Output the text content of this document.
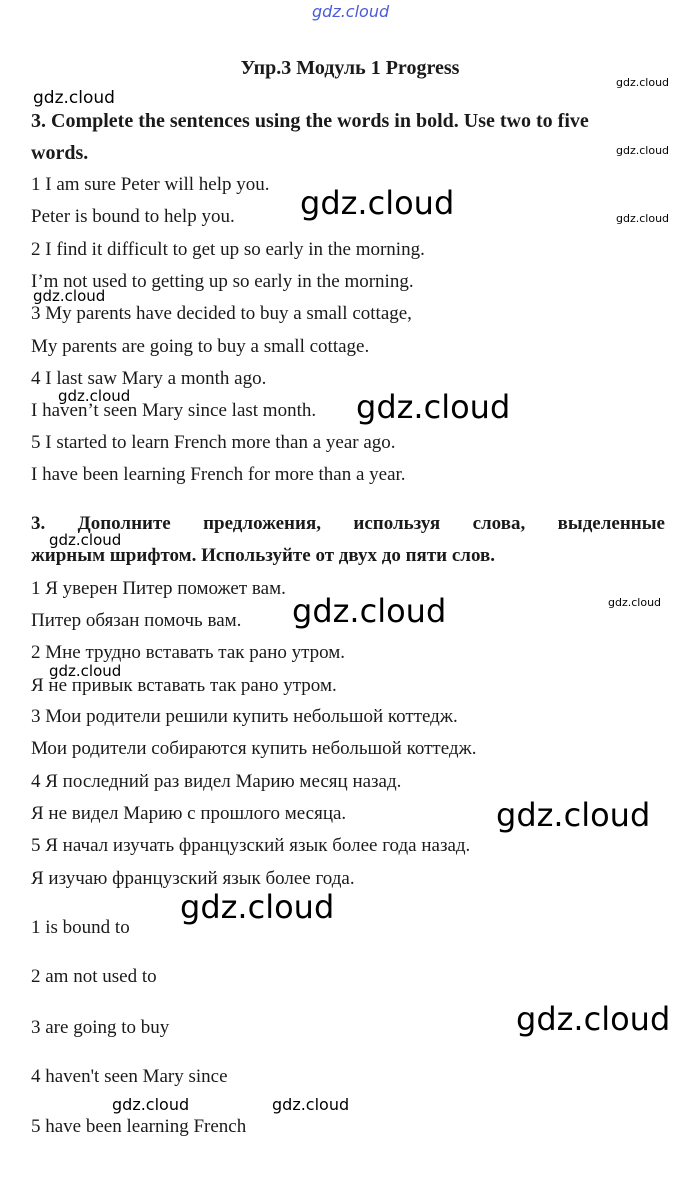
gdz.cloud
Упр.3 Модуль 1 Progress
3. Complete the sentences using the words in bold. Use two to five
words.
1 I am sure Peter will help you.
Peter is bound to help you.
2 I find it difficult to get up so early in the morning.
I’m not used to getting up so early in the morning.
3 My parents have decided to buy a small cottage,
My parents are going to buy a small cottage.
4 I last saw Mary a month ago.
I haven’t seen Mary since last month.
5 I started to learn French more than a year ago.
I have been learning French for more than a year.
3. Дополните предложения, используя слова, выделенные
жирным шрифтом. Используйте от двух до пяти слов.
1 Я уверен Питер поможет вам.
Питер обязан помочь вам.
2 Мне трудно вставать так рано утром.
Я не привык вставать так рано утром.
3 Мои родители решили купить небольшой коттедж.
Мои родители собираются купить небольшой коттедж.
4 Я последний раз видел Марию месяц назад.
Я не видел Марию с прошлого месяца.
5 Я начал изучать французский язык более года назад.
Я изучаю французский язык более года.
1 is bound to
2 am not used to
3 are going to buy
4 haven't seen Mary since
5 have been learning French
gdz.cloud
gdz.cloud
gdz.cloud
gdz.cloud	gdz.cloud
gdz.cloud
gdz.cloud	gdz.cloud
gdz.cloud
gdz.cloud
gdz.cloud
gdz.cloud
gdz.cloud
gdz.cloud
gdz.cloud
gdz.cloud	gdz.cloud
